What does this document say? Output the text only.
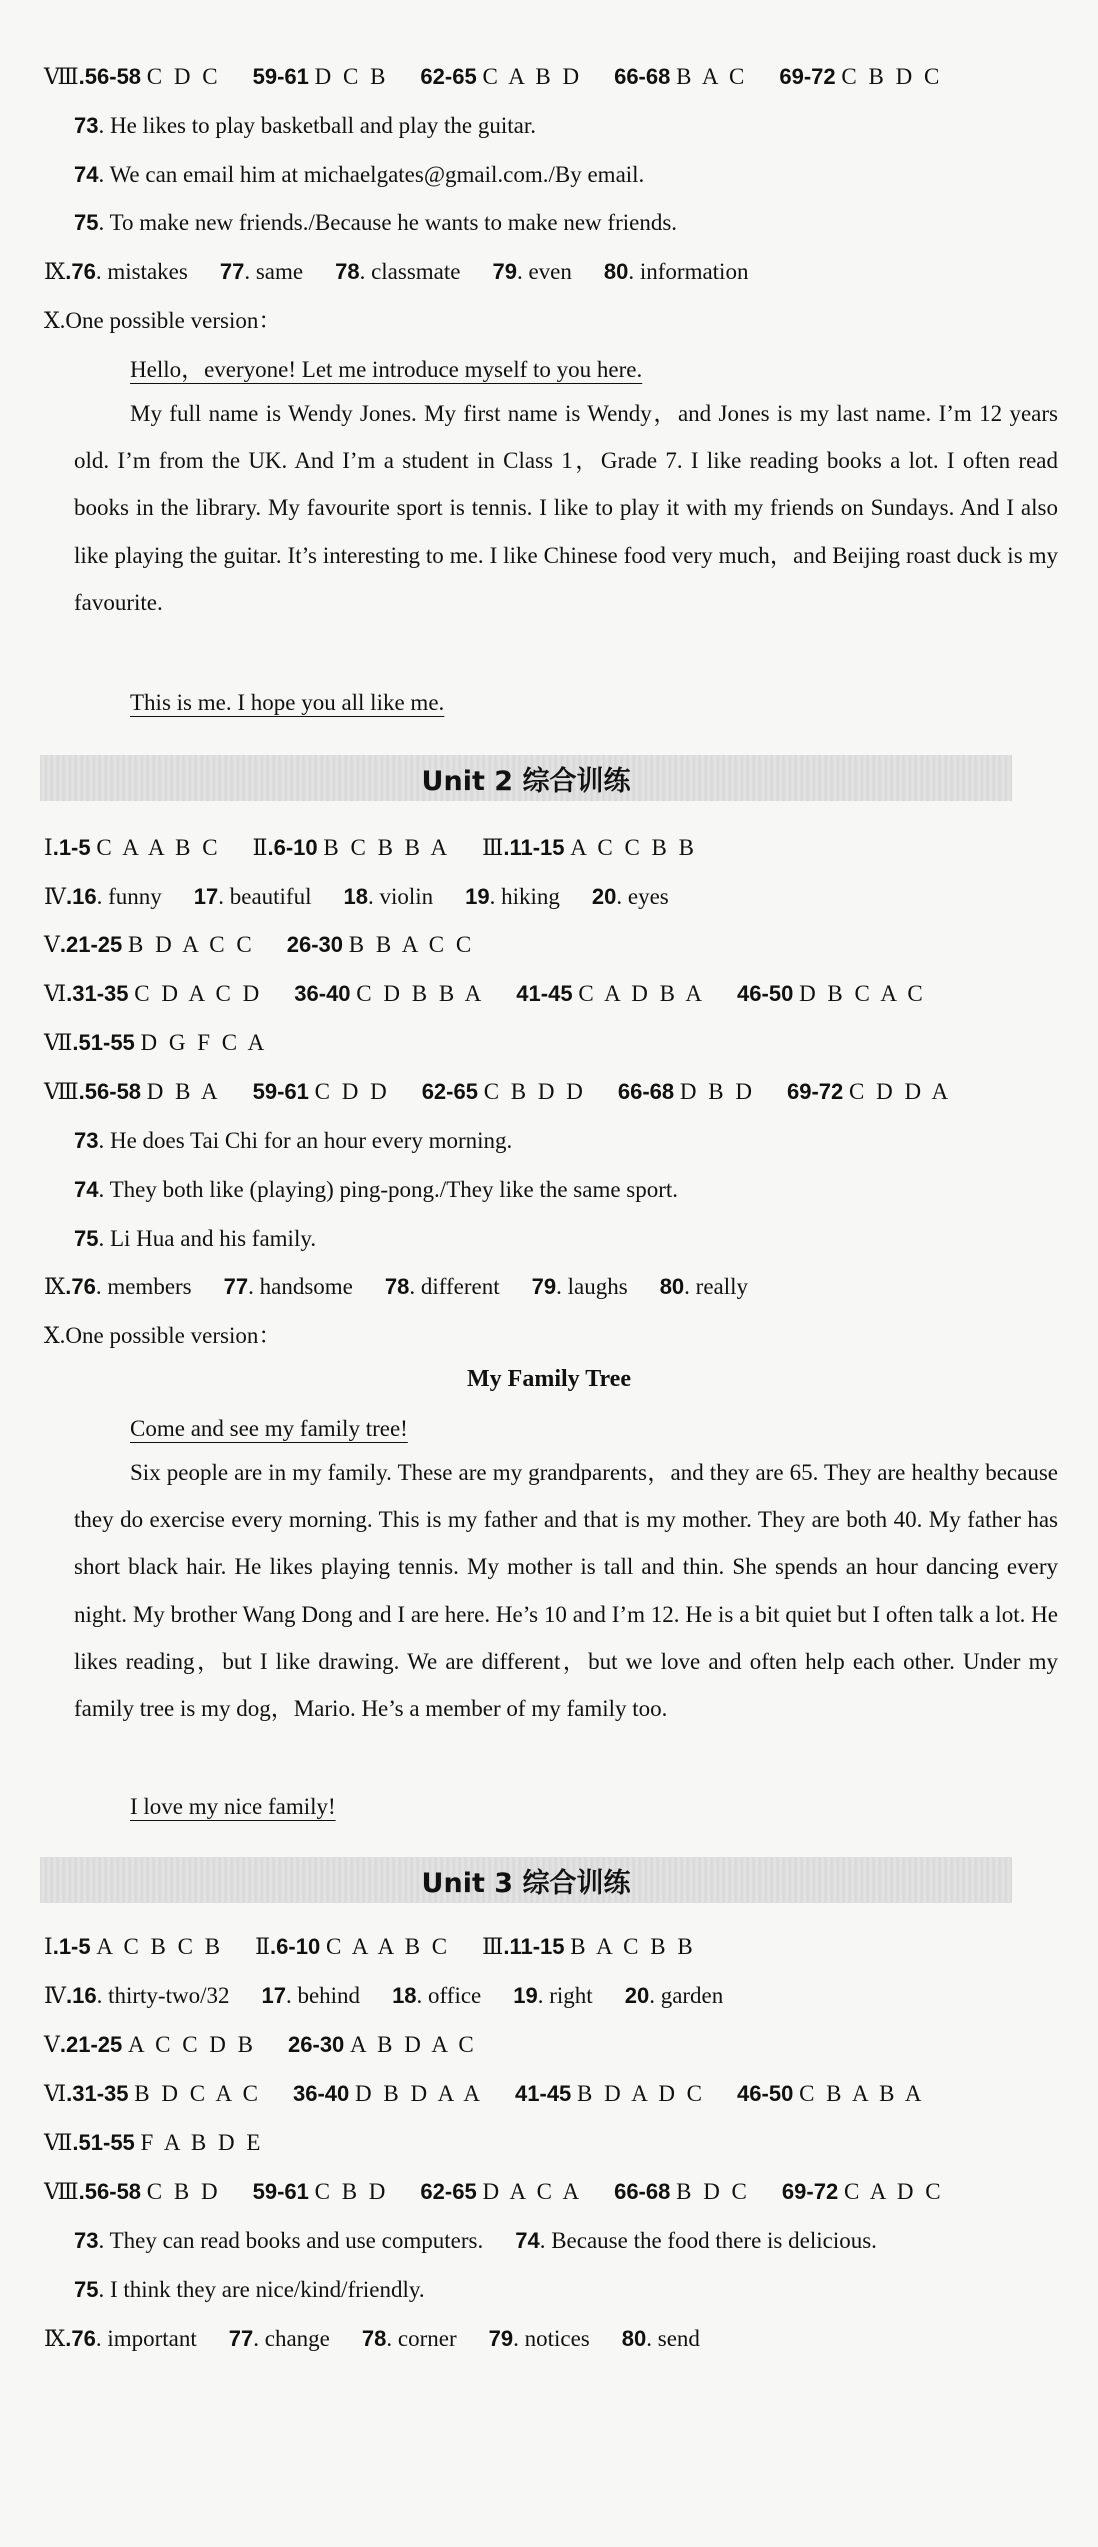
Ⅷ.56-58 C D C 59-61 D C B 62-65 C A B D 66-68 B A C 69-72 C B D C
73. He likes to play basketball and play the guitar.
74. We can email him at michaelgates@gmail.com./By email.
75. To make new friends./Because he wants to make new friends.
Ⅸ.76. mistakes 77. same 78. classmate 79. even 80. information
Ⅹ.One possible version：
Hello，everyone! Let me introduce myself to you here.

My full name is Wendy Jones. My first name is Wendy，and Jones is my last name. I’m 12 years old. I’m from the UK. And I’m a student in Class 1，Grade 7. I like reading books a lot. I often read books in the library. My favourite sport is tennis. I like to play it with my friends on Sundays. And I also like playing the guitar. It’s interesting to me. I like Chinese food very much，and Beijing roast duck is my favourite.

This is me. I hope you all like me.
Unit 2 综合训练
Ⅰ.1-5 C A A B C Ⅱ.6-10 B C B B A Ⅲ.11-15 A C C B B
Ⅳ.16. funny 17. beautiful 18. violin 19. hiking 20. eyes
Ⅴ.21-25 B D A C C 26-30 B B A C C
Ⅵ.31-35 C D A C D 36-40 C D B B A 41-45 C A D B A 46-50 D B C A C
Ⅶ.51-55 D G F C A
Ⅷ.56-58 D B A 59-61 C D D 62-65 C B D D 66-68 D B D 69-72 C D D A
73. He does Tai Chi for an hour every morning.
74. They both like (playing) ping-pong./They like the same sport.
75. Li Hua and his family.
Ⅸ.76. members 77. handsome 78. different 79. laughs 80. really
Ⅹ.One possible version：
My Family Tree
Come and see my family tree!

Six people are in my family. These are my grandparents，and they are 65. They are healthy because they do exercise every morning. This is my father and that is my mother. They are both 40. My father has short black hair. He likes playing tennis. My mother is tall and thin. She spends an hour dancing every night. My brother Wang Dong and I are here. He’s 10 and I’m 12. He is a bit quiet but I often talk a lot. He likes reading，but I like drawing. We are different，but we love and often help each other. Under my family tree is my dog，Mario. He’s a member of my family too.

I love my nice family!
Unit 3 综合训练
Ⅰ.1-5 A C B C B Ⅱ.6-10 C A A B C Ⅲ.11-15 B A C B B
Ⅳ.16. thirty-two/32 17. behind 18. office 19. right 20. garden
Ⅴ.21-25 A C C D B 26-30 A B D A C
Ⅵ.31-35 B D C A C 36-40 D B D A A 41-45 B D A D C 46-50 C B A B A
Ⅶ.51-55 F A B D E
Ⅷ.56-58 C B D 59-61 C B D 62-65 D A C A 66-68 B D C 69-72 C A D C
73. They can read books and use computers. 74. Because the food there is delicious.
75. I think they are nice/kind/friendly.
Ⅸ.76. important 77. change 78. corner 79. notices 80. send
